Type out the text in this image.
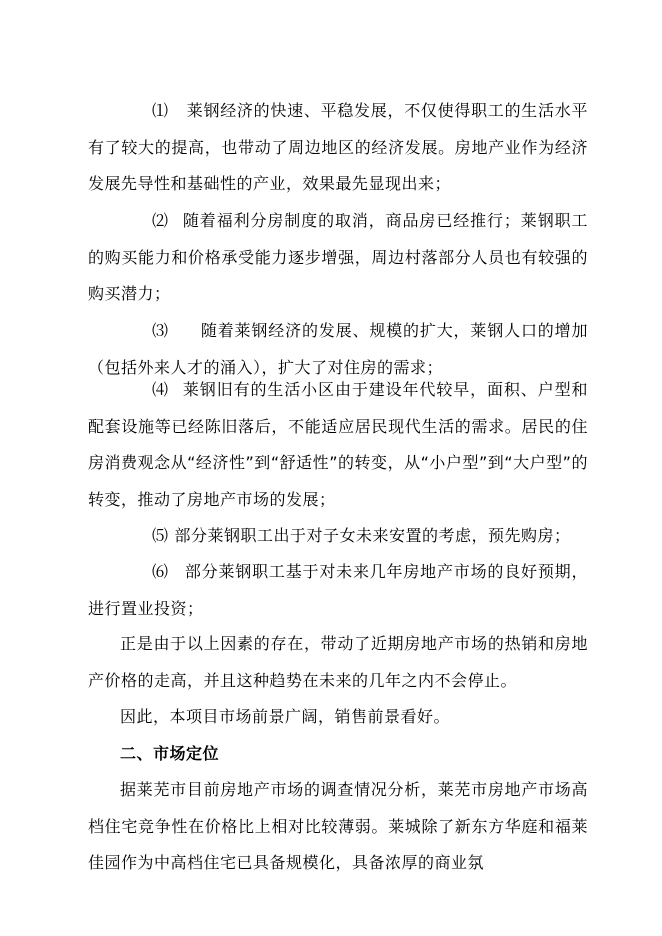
⑴ 莱钢经济的快速、平稳发展，不仅使得职工的生活水平有了较大的提高，也带动了周边地区的经济发展。房地产业作为经济发展先导性和基础性的产业，效果最先显现出来；

⑵ 随着福利分房制度的取消，商品房已经推行；莱钢职工的购买能力和价格承受能力逐步增强，周边村落部分人员也有较强的购买潜力；

⑶ 随着莱钢经济的发展、规模的扩大，莱钢人口的增加（包括外来人才的涌入），扩大了对住房的需求；

⑷ 莱钢旧有的生活小区由于建设年代较早，面积、户型和配套设施等已经陈旧落后，不能适应居民现代生活的需求。居民的住房消费观念从“经济性”到“舒适性”的转变，从“小户型”到“大户型”的转变，推动了房地产市场的发展；

⑸ 部分莱钢职工出于对子女未来安置的考虑，预先购房；

⑹ 部分莱钢职工基于对未来几年房地产市场的良好预期，进行置业投资；

正是由于以上因素的存在，带动了近期房地产市场的热销和房地产价格的走高，并且这种趋势在未来的几年之内不会停止。

因此，本项目市场前景广阔，销售前景看好。

二、市场定位

据莱芜市目前房地产市场的调查情况分析，莱芜市房地产市场高档住宅竞争性在价格比上相对比较薄弱。莱城除了新东方华庭和福莱佳园作为中高档住宅已具备规模化，具备浓厚的商业氛
